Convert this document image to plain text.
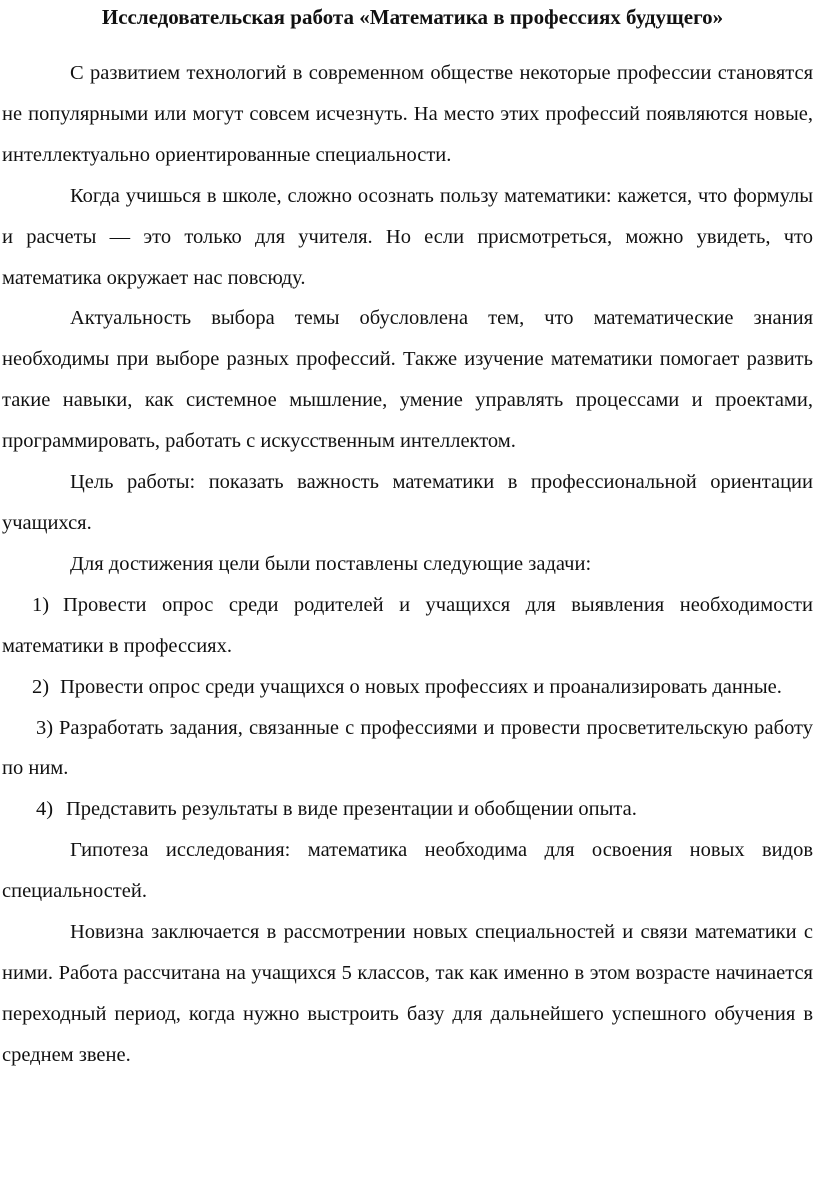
Исследовательская работа «Математика в профессиях будущего»

С развитием технологий в современном обществе некоторые профессии становятся не популярными или могут совсем исчезнуть. На место этих профессий появляются новые, интеллектуально ориентированные специальности.

Когда учишься в школе, сложно осознать пользу математики: кажется, что формулы и расчеты — это только для учителя. Но если присмотреться, можно увидеть, что математика окружает нас повсюду.

Актуальность выбора темы обусловлена тем, что математические знания необходимы при выборе разных профессий. Также изучение математики помогает развить такие навыки, как системное мышление, умение управлять процессами и проектами, программировать, работать с искусственным интеллектом.

Цель работы: показать важность математики в профессиональной ориентации учащихся.

Для достижения цели были поставлены следующие задачи:

1) Провести опрос среди родителей и учащихся для выявления необходимости математики в профессиях.
2) Провести опрос среди учащихся о новых профессиях и проанализировать данные.
3) Разработать задания, связанные с профессиями и провести просветительскую работу по ним.
4) Представить результаты в виде презентации и обобщении опыта.

Гипотеза исследования: математика необходима для освоения новых видов специальностей.

Новизна заключается в рассмотрении новых специальностей и связи математики с ними. Работа рассчитана на учащихся 5 классов, так как именно в этом возрасте начинается переходный период, когда нужно выстроить базу для дальнейшего успешного обучения в среднем звене.
